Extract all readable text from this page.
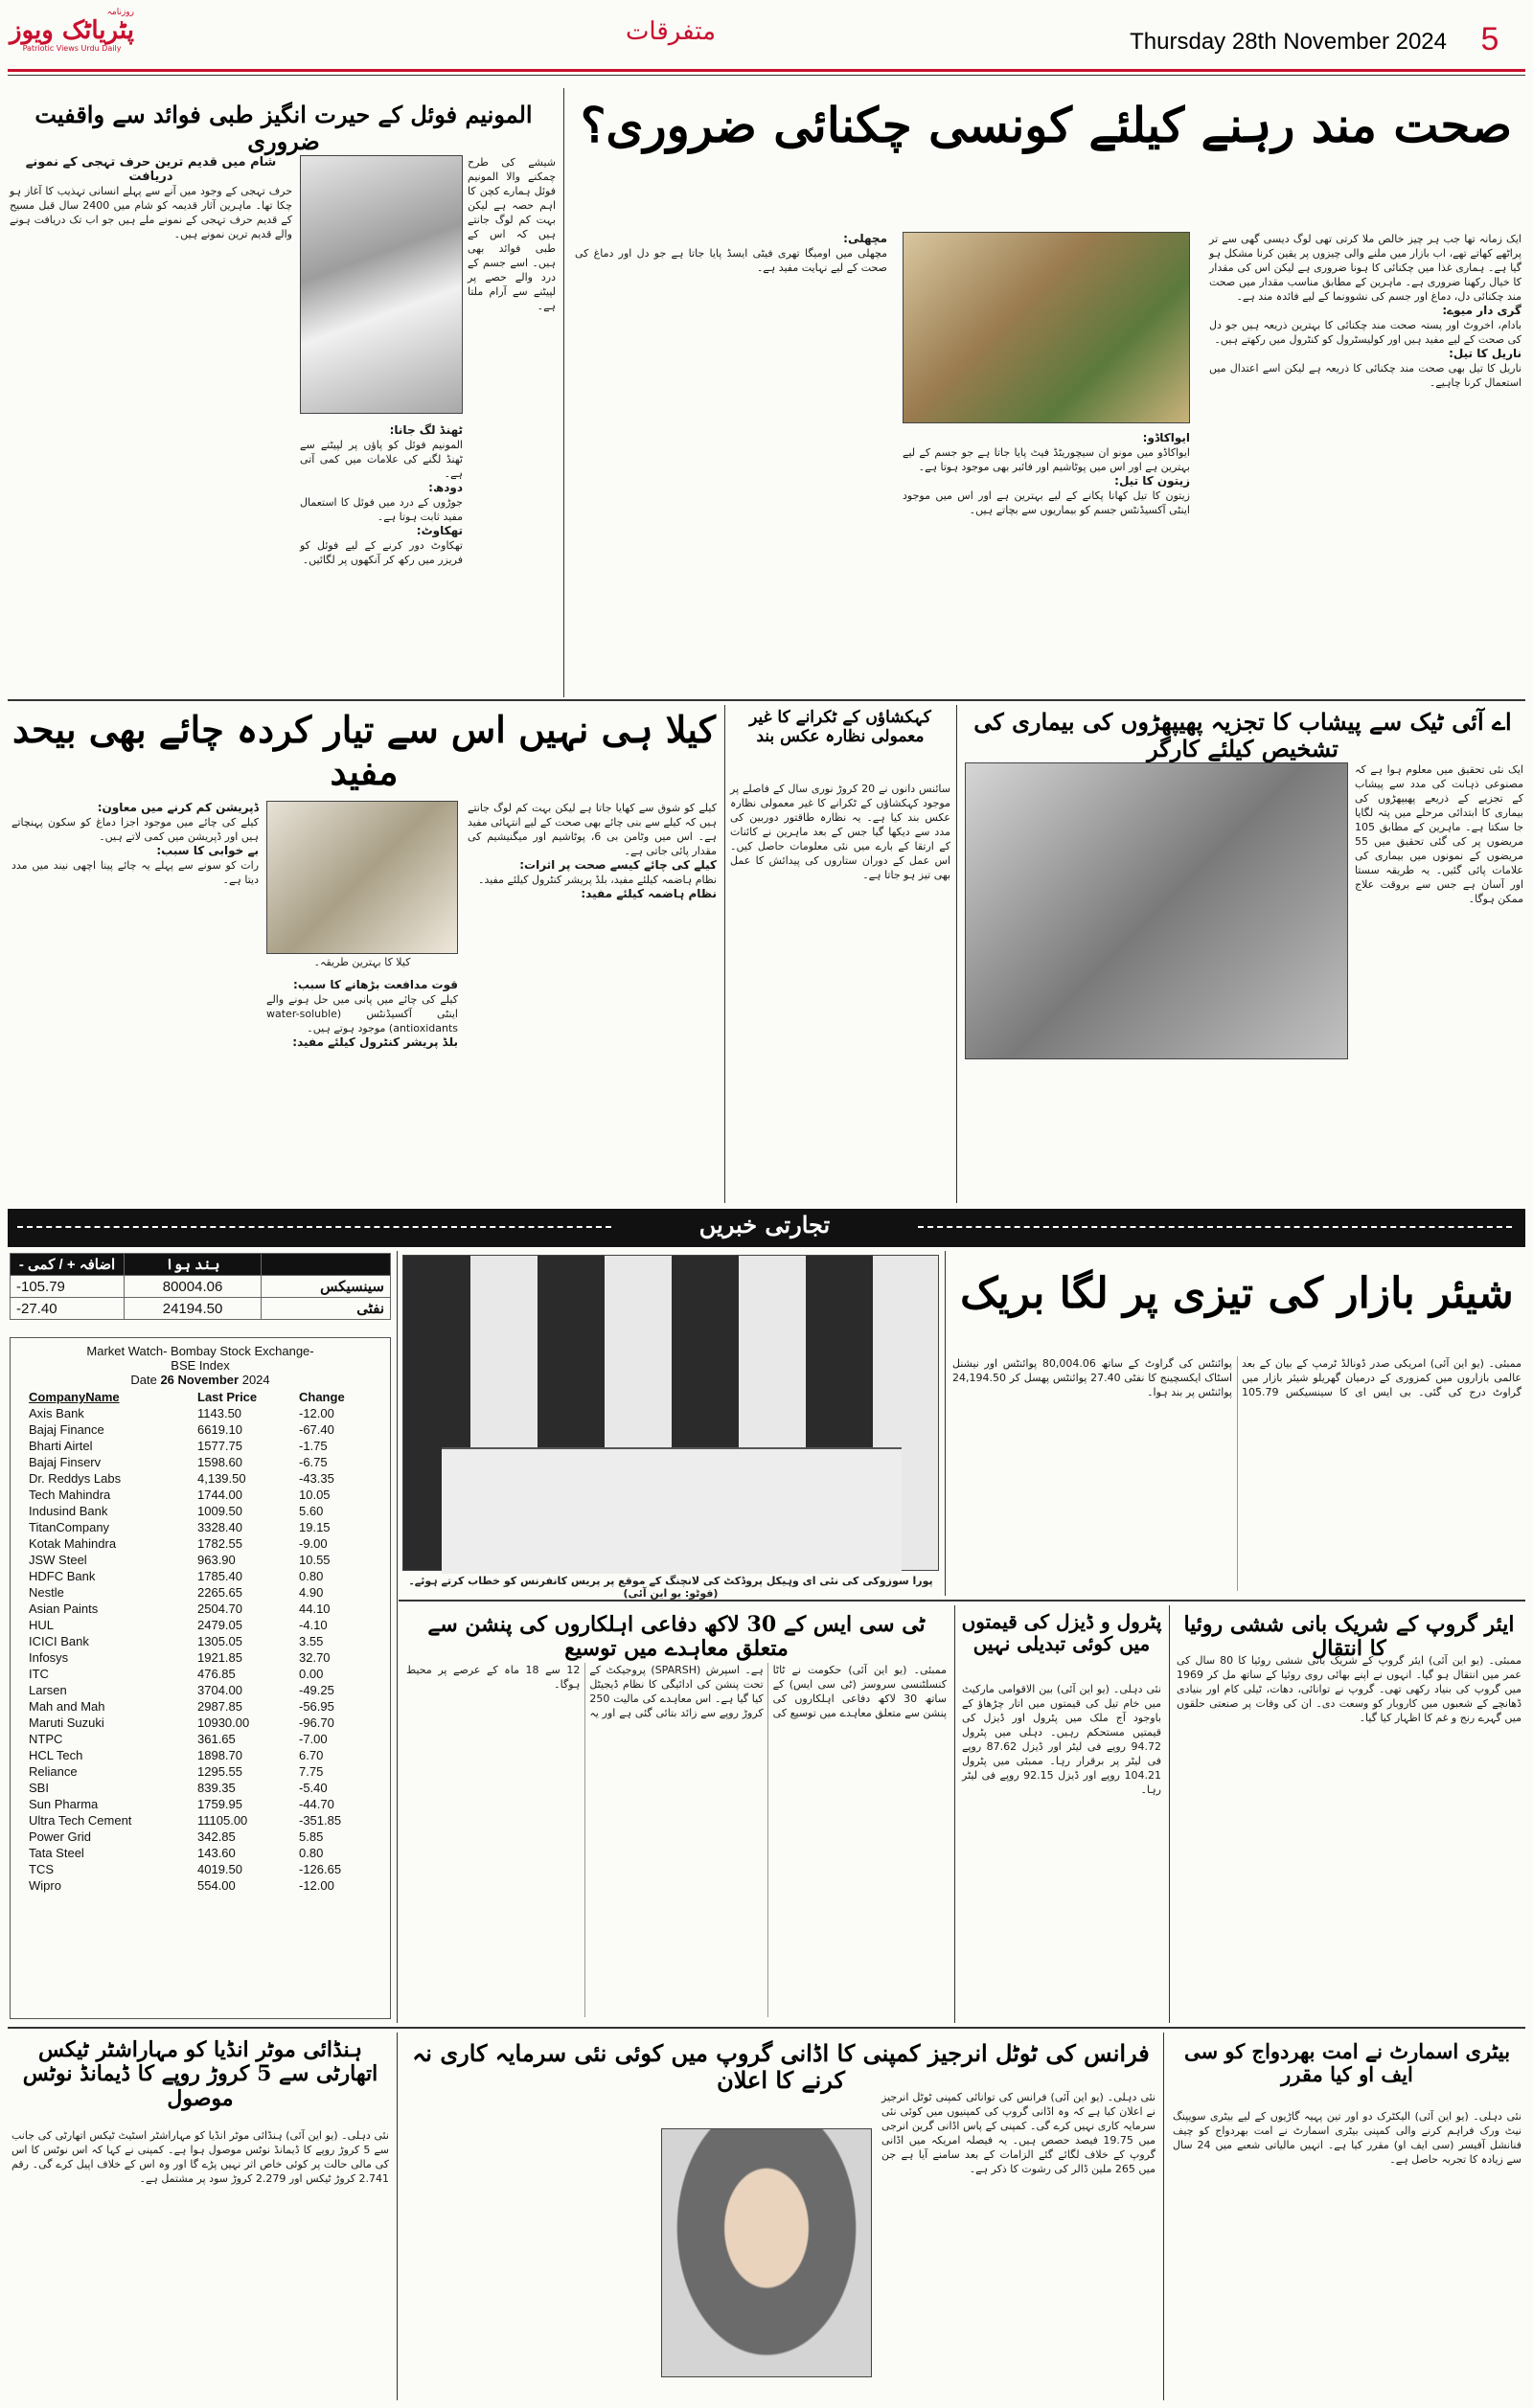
روزنامہ
پٹریاٹک ویوز
Patriotic Views Urdu Daily
متفرقات	Thursday 28th November 2024	5
صحت مند رہنے کیلئے کونسی چکنائی ضروری؟
ایک زمانہ تھا جب ہر چیز خالص ملا کرتی تھی لوگ دیسی گھی سے تر پراٹھے کھاتے تھے، اب بازار میں ملنے والی چیزوں پر یقین کرنا مشکل ہو گیا ہے۔ ہماری غذا میں چکنائی کا ہونا ضروری ہے لیکن اس کی مقدار کا خیال رکھنا ضروری ہے۔ ماہرین کے مطابق مناسب مقدار میں صحت مند چکنائی دل، دماغ اور جسم کی نشوونما کے لیے فائدہ مند ہے۔
گری دار میوے:
بادام، اخروٹ اور پستہ صحت مند چکنائی کا بہترین ذریعہ ہیں جو دل کی صحت کے لیے مفید ہیں اور کولیسٹرول کو کنٹرول میں رکھتے ہیں۔
ناریل کا تیل:
ناریل کا تیل بھی صحت مند چکنائی کا ذریعہ ہے لیکن اسے اعتدال میں استعمال کرنا چاہیے۔
ایواکاڈو:
ایواکاڈو میں مونو ان سیچوریٹڈ فیٹ پایا جاتا ہے جو جسم کے لیے بہترین ہے اور اس میں پوٹاشیم اور فائبر بھی موجود ہوتا ہے۔
زیتون کا تیل:
زیتون کا تیل کھانا پکانے کے لیے بہترین ہے اور اس میں موجود اینٹی آکسیڈنٹس جسم کو بیماریوں سے بچاتے ہیں۔
مچھلی:
مچھلی میں اومیگا تھری فیٹی ایسڈ پایا جاتا ہے جو دل اور دماغ کی صحت کے لیے نہایت مفید ہے۔
المونیم فوئل کے حیرت انگیز طبی فوائد سے واقفیت ضروری
شیشے کی طرح چمکنے والا المونیم فوئل ہمارے کچن کا اہم حصہ ہے لیکن بہت کم لوگ جانتے ہیں کہ اس کے طبی فوائد بھی ہیں۔ اسے جسم کے درد والے حصے پر لپیٹنے سے آرام ملتا ہے۔
ٹھنڈ لگ جانا:
المونیم فوئل کو پاؤں پر لپیٹنے سے ٹھنڈ لگنے کی علامات میں کمی آتی ہے۔
دودھ:
جوڑوں کے درد میں فوئل کا استعمال مفید ثابت ہوتا ہے۔
تھکاوٹ:
تھکاوٹ دور کرنے کے لیے فوئل کو فریزر میں رکھ کر آنکھوں پر لگائیں۔
شام میں قدیم ترین حرف تہجی کے نمونے دریافت
حرف تہجی کے وجود میں آنے سے پہلے انسانی تہذیب کا آغاز ہو چکا تھا۔ ماہرین آثار قدیمہ کو شام میں 2400 سال قبل مسیح کے قدیم حرف تہجی کے نمونے ملے ہیں جو اب تک دریافت ہونے والے قدیم ترین نمونے ہیں۔
اے آئی ٹیک سے پیشاب کا تجزیہ پھیپھڑوں کی بیماری کی تشخیص کیلئے کارگر
ایک نئی تحقیق میں معلوم ہوا ہے کہ مصنوعی ذہانت کی مدد سے پیشاب کے تجزیے کے ذریعے پھیپھڑوں کی بیماری کا ابتدائی مرحلے میں پتہ لگایا جا سکتا ہے۔ ماہرین کے مطابق 105 مریضوں پر کی گئی تحقیق میں 55 مریضوں کے نمونوں میں بیماری کی علامات پائی گئیں۔ یہ طریقہ سستا اور آسان ہے جس سے بروقت علاج ممکن ہوگا۔
کہکشاؤں کے ٹکرانے کا غیر معمولی نظارہ عکس بند
سائنس دانوں نے 20 کروڑ نوری سال کے فاصلے پر موجود کہکشاؤں کے ٹکرانے کا غیر معمولی نظارہ عکس بند کیا ہے۔ یہ نظارہ طاقتور دوربین کی مدد سے دیکھا گیا جس کے بعد ماہرین نے کائنات کے ارتقا کے بارے میں نئی معلومات حاصل کیں۔ اس عمل کے دوران ستاروں کی پیدائش کا عمل بھی تیز ہو جاتا ہے۔
کیلا ہی نہیں اس سے تیار کردہ چائے بھی بیحد مفید
کیلا کا بہترین طریقہ۔
کیلے کو شوق سے کھایا جاتا ہے لیکن بہت کم لوگ جانتے ہیں کہ کیلے سے بنی چائے بھی صحت کے لیے انتہائی مفید ہے۔ اس میں وٹامن بی 6، پوٹاشیم اور میگنیشیم کی مقدار پائی جاتی ہے۔
کیلے کی چائے کیسے صحت پر اثرات:
نظام ہاضمہ کیلئے مفید، بلڈ پریشر کنٹرول کیلئے مفید۔
نظام ہاضمہ کیلئے مفید:
قوت مدافعت بڑھانے کا سبب:
کیلے کی چائے میں پانی میں حل ہونے والے اینٹی آکسیڈنٹس (water-soluble antioxidants) موجود ہوتے ہیں۔
بلڈ پریشر کنٹرول کیلئے مفید:
ڈپریشن کم کرنے میں معاون:
کیلے کی چائے میں موجود اجزا دماغ کو سکون پہنچاتے ہیں اور ڈپریشن میں کمی لاتے ہیں۔
بے خوابی کا سبب:
رات کو سونے سے پہلے یہ چائے پینا اچھی نیند میں مدد دیتا ہے۔
تجارتی خبریں
اضافہ + / کمی -	بند ہوا	
-105.79	80004.06	سینسیکس
-27.40	24194.50	نفٹی
Market Watch- Bombay Stock Exchange-
BSE Index
Date 26 November 2024
CompanyName	Last Price	Change
Axis Bank	1143.50	-12.00
Bajaj Finance	6619.10	-67.40
Bharti Airtel	1577.75	-1.75
Bajaj Finserv	1598.60	-6.75
Dr. Reddys Labs	4,139.50	-43.35
Tech Mahindra	1744.00	10.05
Indusind Bank	1009.50	5.60
TitanCompany	3328.40	19.15
Kotak Mahindra	1782.55	-9.00
JSW Steel	963.90	10.55
HDFC Bank	1785.40	0.80
Nestle	2265.65	4.90
Asian Paints	2504.70	44.10
HUL	2479.05	-4.10
ICICI Bank	1305.05	3.55
Infosys	1921.85	32.70
ITC	476.85	0.00
Larsen	3704.00	-49.25
Mah and Mah	2987.85	-56.95
Maruti Suzuki	10930.00	-96.70
NTPC	361.65	-7.00
HCL Tech	1898.70	6.70
Reliance	1295.55	7.75
SBI	839.35	-5.40
Sun Pharma	1759.95	-44.70
Ultra Tech Cement	11105.00	-351.85
Power Grid	342.85	5.85
Tata Steel	143.60	0.80
TCS	4019.50	-126.65
Wipro	554.00	-12.00
پورا سوزوکی کی نئی ای وہیکل پروڈکٹ کی لانچنگ کے موقع پر پریس کانفرنس کو خطاب کرتے ہوئے۔ (فوٹو: یو این آئی)
شیئر بازار کی تیزی پر لگا بریک
ممبئی۔ (یو این آئی) امریکی صدر ڈونالڈ ٹرمپ کے بیان کے بعد عالمی بازاروں میں کمزوری کے درمیان گھریلو شیئر بازار میں گراوٹ درج کی گئی۔ بی ایس ای کا سینسیکس 105.79 پوائنٹس کی گراوٹ کے ساتھ 80,004.06 پوائنٹس اور نیشنل اسٹاک ایکسچینج کا نفٹی 27.40 پوائنٹس پھسل کر 24,194.50 پوائنٹس پر بند ہوا۔
ٹی سی ایس کے 30 لاکھ دفاعی اہلکاروں کی پنشن سے متعلق معاہدے میں توسیع
ممبئی۔ (یو این آئی) حکومت نے ٹاٹا کنسلٹنسی سروسز (ٹی سی ایس) کے ساتھ 30 لاکھ دفاعی اہلکاروں کی پنشن سے متعلق معاہدے میں توسیع کی ہے۔ اسپرش (SPARSH) پروجیکٹ کے تحت پنشن کی ادائیگی کا نظام ڈیجیٹل کیا گیا ہے۔ اس معاہدے کی مالیت 250 کروڑ روپے سے زائد بتائی گئی ہے اور یہ 12 سے 18 ماہ کے عرصے پر محیط ہوگا۔
پٹرول و ڈیزل کی قیمتوں میں کوئی تبدیلی نہیں
نئی دہلی۔ (یو این آئی) بین الاقوامی مارکیٹ میں خام تیل کی قیمتوں میں اتار چڑھاؤ کے باوجود آج ملک میں پٹرول اور ڈیزل کی قیمتیں مستحکم رہیں۔ دہلی میں پٹرول 94.72 روپے فی لیٹر اور ڈیزل 87.62 روپے فی لیٹر پر برقرار رہا۔ ممبئی میں پٹرول 104.21 روپے اور ڈیزل 92.15 روپے فی لیٹر رہا۔
ایئر گروپ کے شریک بانی ششی روئیا کا انتقال
ممبئی۔ (یو این آئی) ایئر گروپ کے شریک بانی ششی روئیا کا 80 سال کی عمر میں انتقال ہو گیا۔ انہوں نے اپنے بھائی روی روئیا کے ساتھ مل کر 1969 میں گروپ کی بنیاد رکھی تھی۔ گروپ نے توانائی، دھات، ٹیلی کام اور بنیادی ڈھانچے کے شعبوں میں کاروبار کو وسعت دی۔ ان کی وفات پر صنعتی حلقوں میں گہرے رنج و غم کا اظہار کیا گیا۔
ہنڈائی موٹر انڈیا کو مہاراشٹر ٹیکس اتھارٹی سے 5 کروڑ روپے کا ڈیمانڈ نوٹس موصول
نئی دہلی۔ (یو این آئی) ہنڈائی موٹر انڈیا کو مہاراشٹر اسٹیٹ ٹیکس اتھارٹی کی جانب سے 5 کروڑ روپے کا ڈیمانڈ نوٹس موصول ہوا ہے۔ کمپنی نے کہا کہ اس نوٹس کا اس کی مالی حالت پر کوئی خاص اثر نہیں پڑے گا اور وہ اس کے خلاف اپیل کرے گی۔ رقم 2.741 کروڑ ٹیکس اور 2.279 کروڑ سود پر مشتمل ہے۔
فرانس کی ٹوٹل انرجیز کمپنی کا اڈانی گروپ میں کوئی نئی سرمایہ کاری نہ کرنے کا اعلان
نئی دہلی۔ (یو این آئی) فرانس کی توانائی کمپنی ٹوٹل انرجیز نے اعلان کیا ہے کہ وہ اڈانی گروپ کی کمپنیوں میں کوئی نئی سرمایہ کاری نہیں کرے گی۔ کمپنی کے پاس اڈانی گرین انرجی میں 19.75 فیصد حصص ہیں۔ یہ فیصلہ امریکہ میں اڈانی گروپ کے خلاف لگائے گئے الزامات کے بعد سامنے آیا ہے جن میں 265 ملین ڈالر کی رشوت کا ذکر ہے۔
بیٹری اسمارٹ نے امت بھردواج کو سی ایف او کیا مقرر
نئی دہلی۔ (یو این آئی) الیکٹرک دو اور تین پہیہ گاڑیوں کے لیے بیٹری سویپنگ نیٹ ورک فراہم کرنے والی کمپنی بیٹری اسمارٹ نے امت بھردواج کو چیف فنانشل آفیسر (سی ایف او) مقرر کیا ہے۔ انہیں مالیاتی شعبے میں 24 سال سے زیادہ کا تجربہ حاصل ہے۔
